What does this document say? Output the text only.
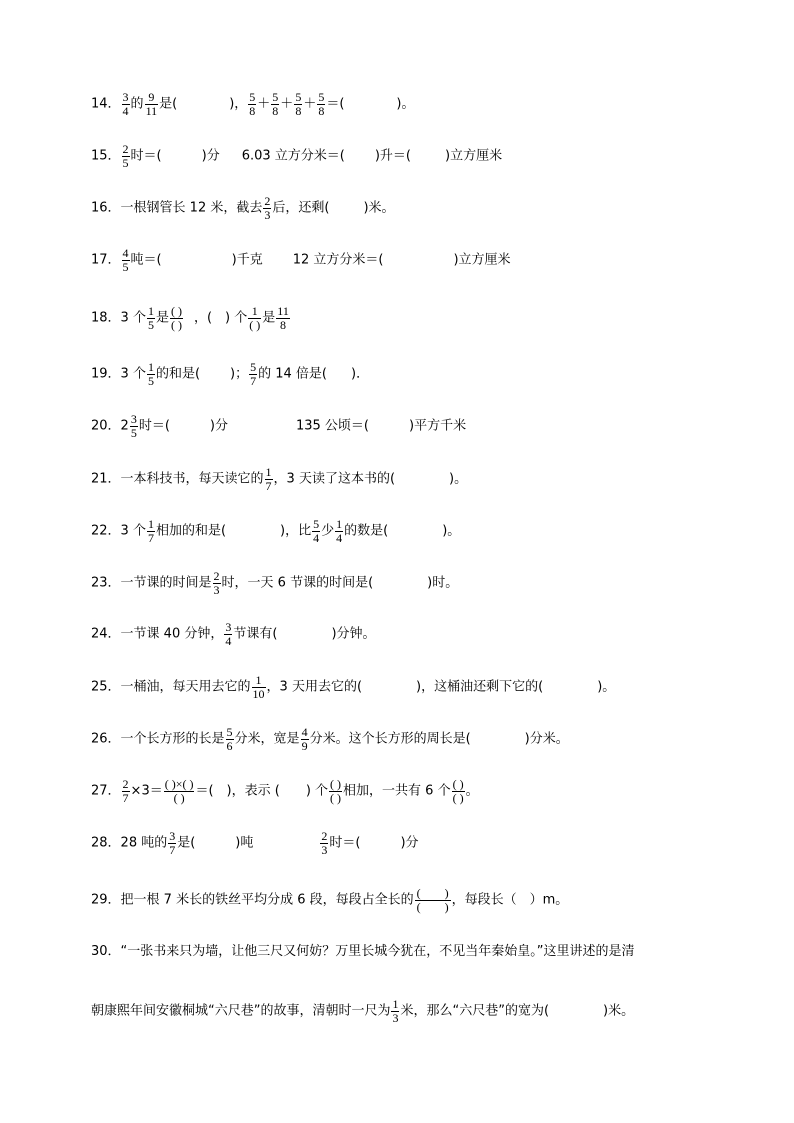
14． $\frac{3}{4}$ 的 $\frac{9}{11}$ 是(	)， $\frac{5}{8} + \frac{5}{8} + \frac{5}{8} + \frac{5}{8}$ ＝(	)。
15． $\frac{2}{5}$ 时＝(	)分 6.03 立方分米＝( )升＝(	)立方厘米
16．一根钢管长 12 米，截去 $\frac{2}{3}$ 后，还剩(	)米。
17． $\frac{4}{5}$ 吨＝(	)千克 12 立方分米＝(	)立方厘米
18．3 个 $\frac{1}{5}$ 是 $\frac{( )}{( )}$ ，(　) 个 $\frac{1}{( )}$ 是 $\frac{11}{8}$
19．3 个 $\frac{1}{5}$ 的和是( )； $\frac{5}{7}$ 的 14 倍是( )．
20．$2 \frac{3}{5}$ 时＝(	)分	135 公顷＝(	)平方千米
21．一本科技书，每天读它的 $\frac{1}{7}$ ，3 天读了这本书的(	)。
22．3 个 $\frac{1}{7}$ 相加的和是(	)，比 $\frac{5}{4}$ 少 $\frac{1}{4}$ 的数是(	)。
23．一节课的时间是 $\frac{2}{3}$ 时，一天 6 节课的时间是(	)时。
24．一节课 40 分钟， $\frac{3}{4}$ 节课有(	)分钟。
25．一桶油，每天用去它的 $\frac{1}{10}$ ，3 天用去它的(	)，这桶油还剩下它的(	)。
26．一个长方形的长是 $\frac{5}{6}$ 分米，宽是 $\frac{4}{9}$ 分米。这个长方形的周长是(	)分米。
27． $\frac{2}{7} \times 3= \frac{( )\times( )}{( )}$ ＝(　)，表示 (　　) 个 $\frac{( )}{( )}$ 相加，一共有 6 个 $\frac{( )}{( )}$ 。
28．28 吨的 $\frac{3}{7}$ 是(	)吨	$\frac{2}{3}$ 时＝(	)分
29．把一根 7 米长的铁丝平均分成 6 段，每段占全长的 $\frac{( )}{( )}$ ，每段长（　）m。
30．“一张书来只为墙，让他三尺又何妨？万里长城今犹在，不见当年秦始皇。”这里讲述的是清
朝康熙年间安徽桐城“六尺巷”的故事，清朝时一尺为 $\frac{1}{3}$ 米，那么“六尺巷”的宽为(	)米。
